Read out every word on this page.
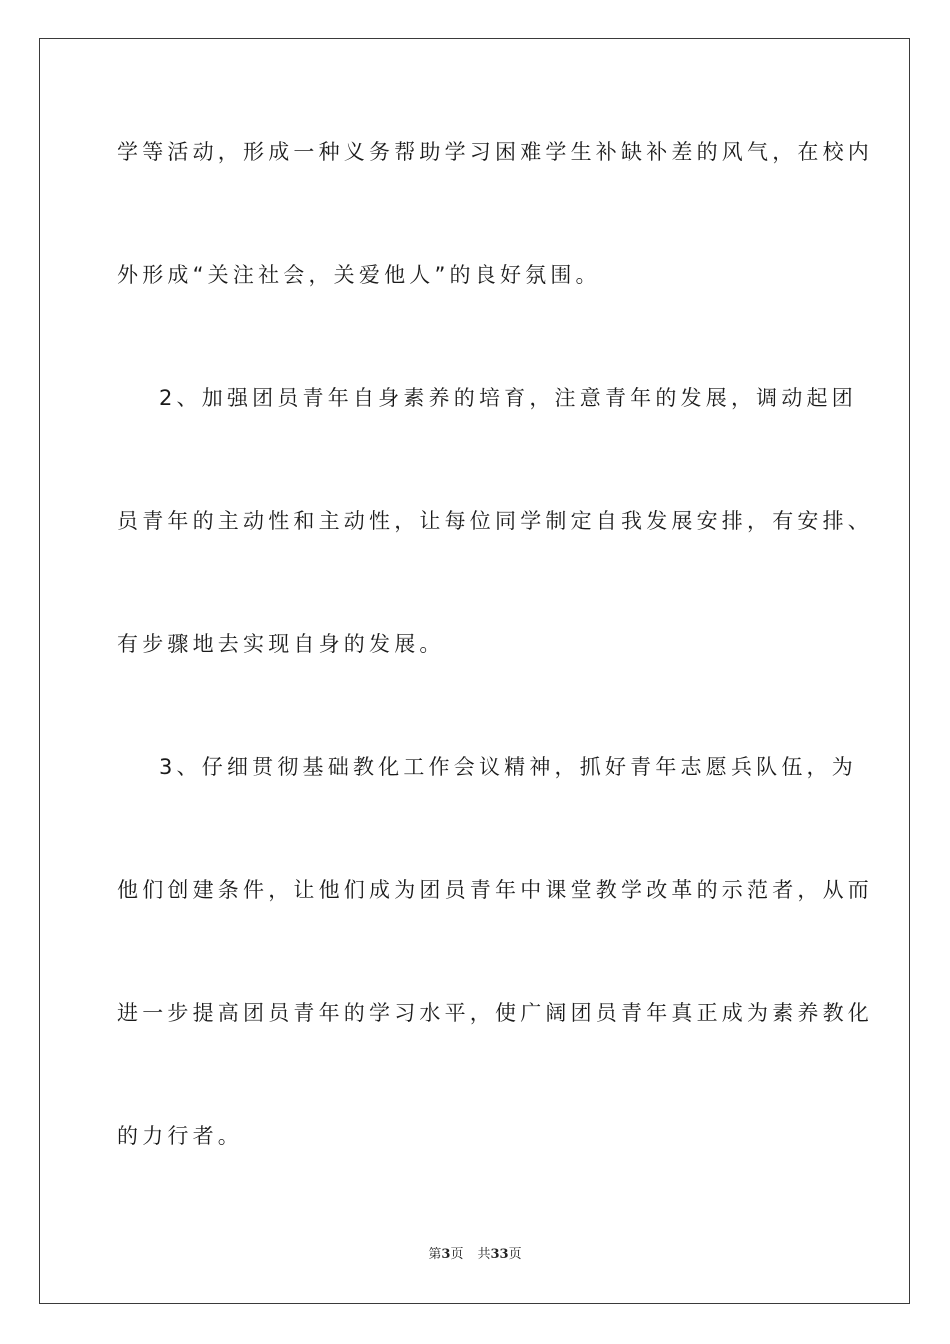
学等活动，形成一种义务帮助学习困难学生补缺补差的风气，在校内
外形成“关注社会，关爱他人”的良好氛围。
2、加强团员青年自身素养的培育，注意青年的发展，调动起团
员青年的主动性和主动性，让每位同学制定自我发展安排，有安排、
有步骤地去实现自身的发展。
3、仔细贯彻基础教化工作会议精神，抓好青年志愿兵队伍，为
他们创建条件，让他们成为团员青年中课堂教学改革的示范者，从而
进一步提高团员青年的学习水平，使广阔团员青年真正成为素养教化
的力行者。
第3页 共33页
